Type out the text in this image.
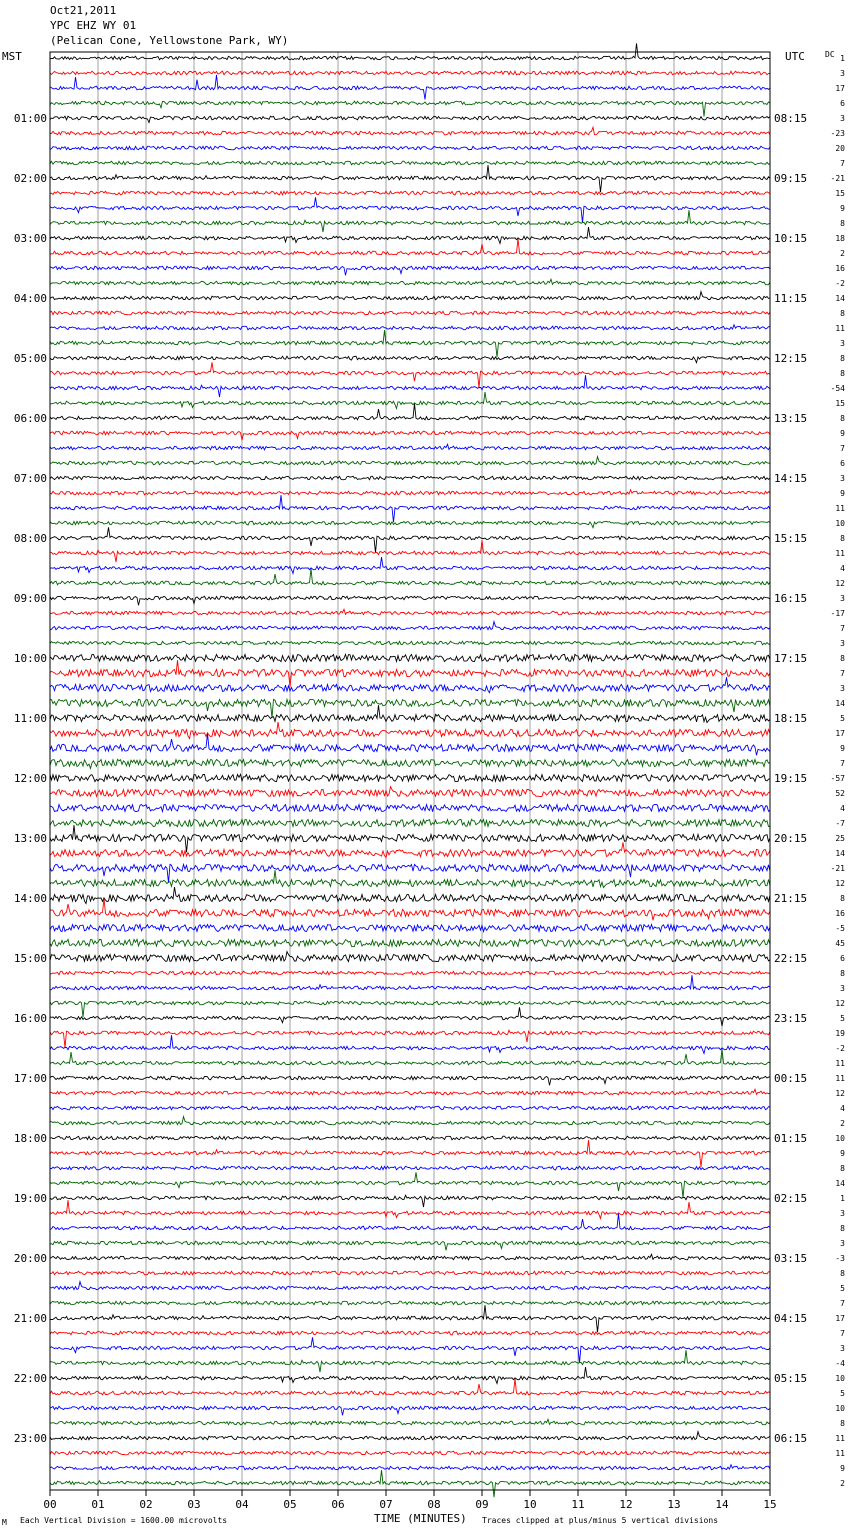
00	01	02	03	04	05	06	07	08	09	10	11	12	13	14	15
01:00
02:00
03:00
04:00
05:00
06:00
07:00
08:00
09:00
10:00
11:00
12:00
13:00
14:00
15:00
16:00
17:00
18:00
19:00
20:00
21:00
22:00
23:00
08:15
09:15
10:15
11:15
12:15
13:15
14:15
15:15
16:15
17:15
18:15
19:15
20:15
21:15
22:15
23:15
00:15
01:15
02:15
03:15
04:15
05:15
06:15
1
3
17
6
3
-23
20
7
-21
15
9
8
18
2
16
-2
14
8
11
3
8
8
-54
15
8
9
7
6
3
9
11
10
8
11
4
12
3
-17
7
3
8
7
3
14
5
17
9
7
-57
52
4
-7
25
14
-21
12
8
16
-5
45
6
8
3
12
5
19
-2
11
11
12
4
2
10
9
8
14
1
3
8
3
-3
8
5
7
17
7
3
-4
10
5
10
8
11
11
9
2
Oct21,2011
YPC EHZ WY 01
(Pelican Cone, Yellowstone Park, WY)
MST	UTC	DC
M Each Vertical Division = 1600.00 microvolts	TIME (MINUTES) Traces clipped at plus/minus 5 vertical divisions
